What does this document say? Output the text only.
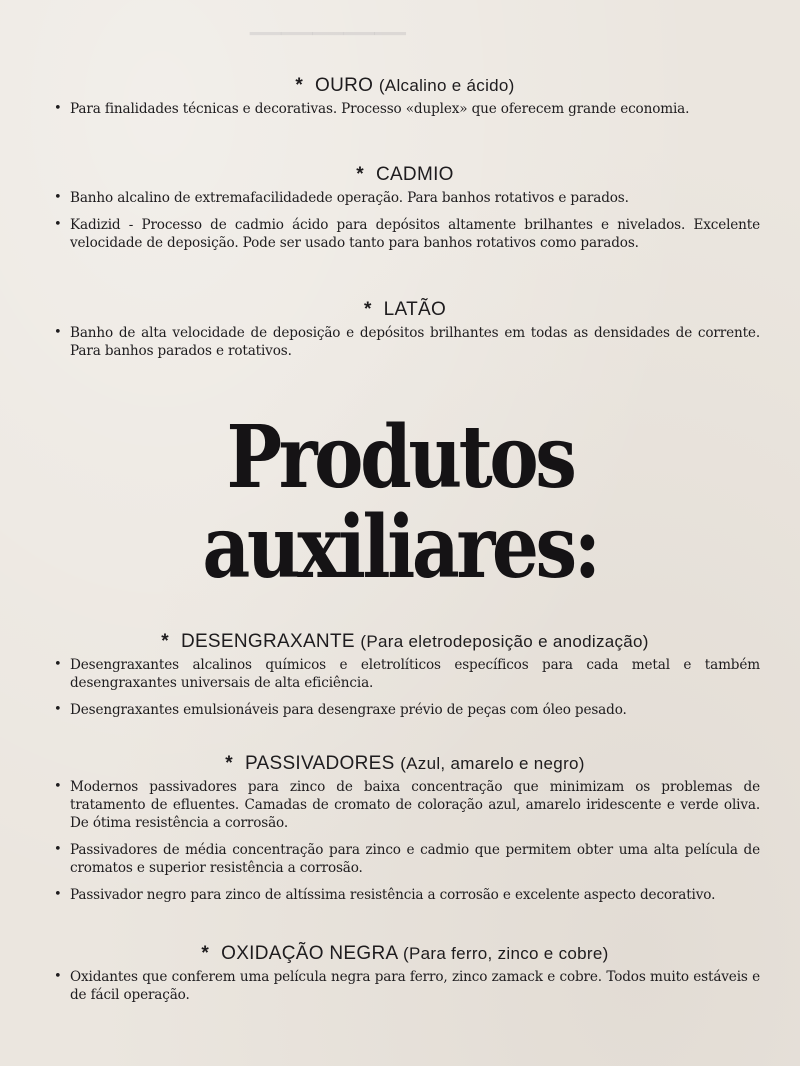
─────
* OURO (Alcalino e ácido)
• Para finalidades técnicas e decorativas. Processo «duplex» que oferecem grande economia.
* CADMIO
• Banho alcalino de extremafacilidadede operação. Para banhos rotativos e parados.
• Kadizid - Processo de cadmio ácido para depósitos altamente brilhantes e nivelados. Excelente velocidade de deposição. Pode ser usado tanto para banhos rotativos como parados.
* LATÃO
• Banho de alta velocidade de deposição e depósitos brilhantes em todas as densidades de corrente. Para banhos parados e rotativos.
Produtos
auxiliares:
* DESENGRAXANTE (Para eletrodeposição e anodização)
• Desengraxantes alcalinos químicos e eletrolíticos específicos para cada metal e também desengraxantes universais de alta eficiência.
• Desengraxantes emulsionáveis para desengraxe prévio de peças com óleo pesado.
* PASSIVADORES (Azul, amarelo e negro)
• Modernos passivadores para zinco de baixa concentração que minimizam os problemas de tratamento de efluentes. Camadas de cromato de coloração azul, amarelo iridescente e verde oliva. De ótima resistência a corrosão.
• Passivadores de média concentração para zinco e cadmio que permitem obter uma alta película de cromatos e superior resistência a corrosão.
• Passivador negro para zinco de altíssima resistência a corrosão e excelente aspecto decorativo.
* OXIDAÇÃO NEGRA (Para ferro, zinco e cobre)
• Oxidantes que conferem uma película negra para ferro, zinco zamack e cobre. Todos muito estáveis e de fácil operação.
